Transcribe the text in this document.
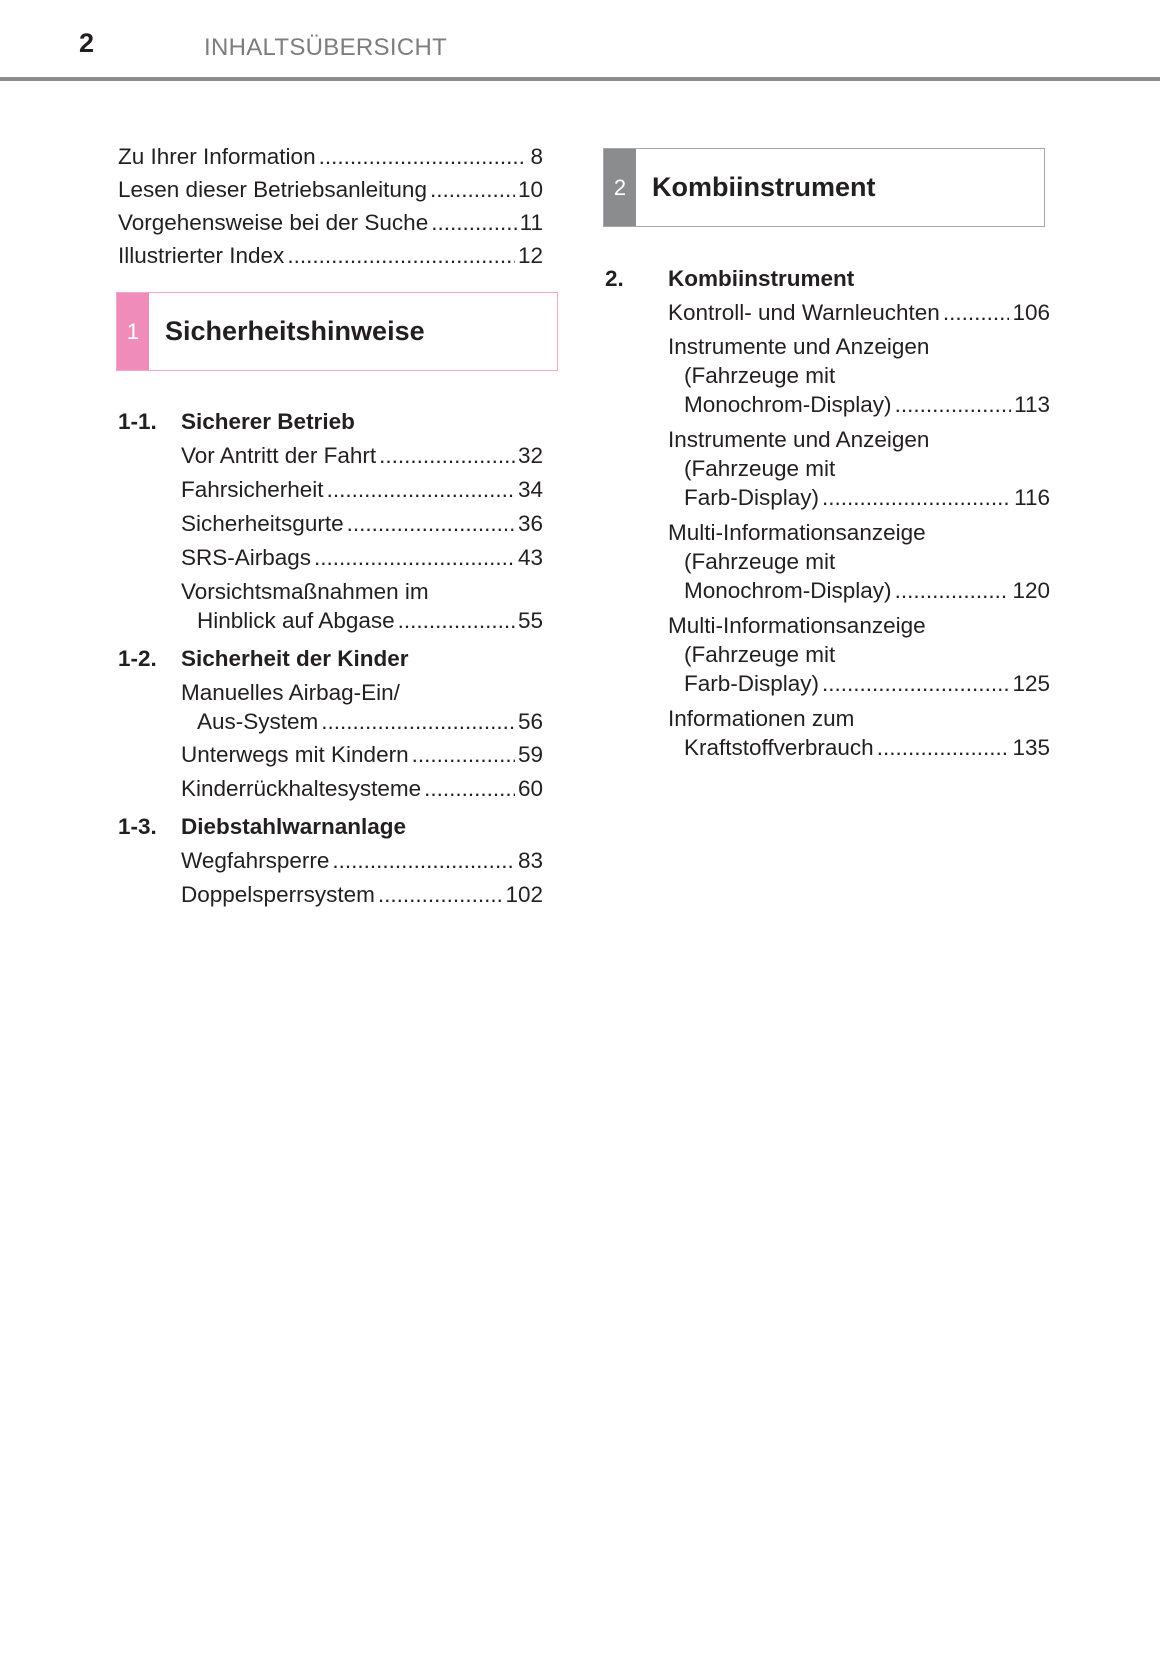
2	INHALTSÜBERSICHT
Zu Ihrer Information .....	8
Lesen dieser Betriebsanleitung .....	10
Vorgehensweise bei der Suche .....	11
Illustrierter Index .....	12
1 Sicherheitshinweise
1-1. Sicherer Betrieb
Vor Antritt der Fahrt .....	32
Fahrsicherheit .....	34
Sicherheitsgurte .....	36
SRS-Airbags .....	43
Vorsichtsmaßnahmen im
Hinblick auf Abgase .....	55
1-2. Sicherheit der Kinder
Manuelles Airbag-Ein/
Aus-System .....	56
Unterwegs mit Kindern .....	59
Kinderrückhaltesysteme .....	60
1-3. Diebstahlwarnanlage
Wegfahrsperre .....	83
Doppelsperrsystem .....	102
2 Kombiinstrument
2. Kombiinstrument
Kontroll- und Warnleuchten .....	106
Instrumente und Anzeigen
(Fahrzeuge mit
Monochrom-Display) .....	113
Instrumente und Anzeigen
(Fahrzeuge mit
Farb-Display) .....	116
Multi-Informationsanzeige
(Fahrzeuge mit
Monochrom-Display) .....	120
Multi-Informationsanzeige
(Fahrzeuge mit
Farb-Display) .....	125
Informationen zum
Kraftstoffverbrauch .....	135
